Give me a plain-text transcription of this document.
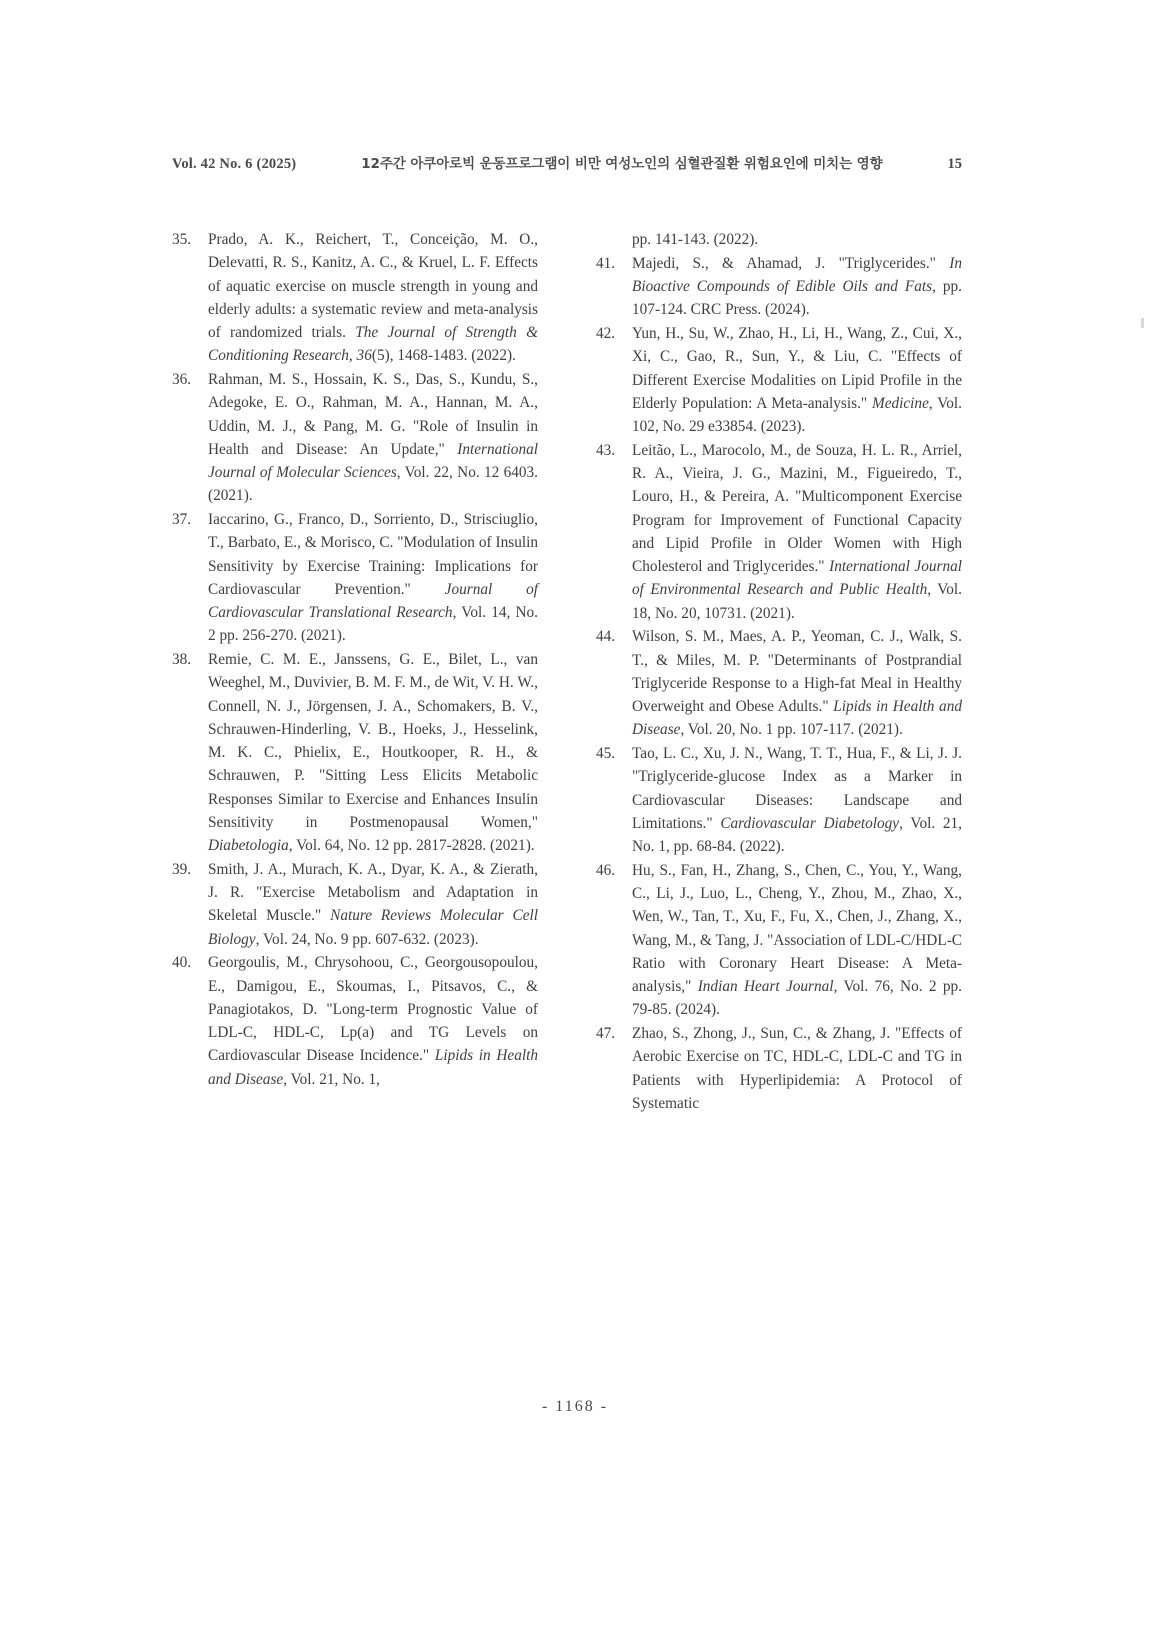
Vol. 42 No. 6 (2025)	12주간 아쿠아로빅 운동프로그램이 비만 여성노인의 심혈관질환 위험요인에 미치는 영향	15
35.	Prado, A. K., Reichert, T., Conceição, M. O., Delevatti, R. S., Kanitz, A. C., & Kruel, L. F. Effects of aquatic exercise on muscle strength in young and elderly adults: a systematic review and meta-analysis of randomized trials. The Journal of Strength & Conditioning Research, 36(5), 1468-1483. (2022).
36.	Rahman, M. S., Hossain, K. S., Das, S., Kundu, S., Adegoke, E. O., Rahman, M. A., Hannan, M. A., Uddin, M. J., & Pang, M. G. "Role of Insulin in Health and Disease: An Update," International Journal of Molecular Sciences, Vol. 22, No. 12 6403. (2021).
37.	Iaccarino, G., Franco, D., Sorriento, D., Strisciuglio, T., Barbato, E., & Morisco, C. "Modulation of Insulin Sensitivity by Exercise Training: Implications for Cardiovascular Prevention." Journal of Cardiovascular Translational Research, Vol. 14, No. 2 pp. 256-270. (2021).
38.	Remie, C. M. E., Janssens, G. E., Bilet, L., van Weeghel, M., Duvivier, B. M. F. M., de Wit, V. H. W., Connell, N. J., Jörgensen, J. A., Schomakers, B. V., Schrauwen-Hinderling, V. B., Hoeks, J., Hesselink, M. K. C., Phielix, E., Houtkooper, R. H., & Schrauwen, P. "Sitting Less Elicits Metabolic Responses Similar to Exercise and Enhances Insulin Sensitivity in Postmenopausal Women," Diabetologia, Vol. 64, No. 12 pp. 2817-2828. (2021).
39.	Smith, J. A., Murach, K. A., Dyar, K. A., & Zierath, J. R. "Exercise Metabolism and Adaptation in Skeletal Muscle." Nature Reviews Molecular Cell Biology, Vol. 24, No. 9 pp. 607-632. (2023).
40.	Georgoulis, M., Chrysohoou, C., Georgousopoulou, E., Damigou, E., Skoumas, I., Pitsavos, C., & Panagiotakos, D. "Long-term Prognostic Value of LDL-C, HDL-C, Lp(a) and TG Levels on Cardiovascular Disease Incidence." Lipids in Health and Disease, Vol. 21, No. 1,
pp. 141-143. (2022).
41.	Majedi, S., & Ahamad, J. "Triglycerides." In Bioactive Compounds of Edible Oils and Fats, pp. 107-124. CRC Press. (2024).
42.	Yun, H., Su, W., Zhao, H., Li, H., Wang, Z., Cui, X., Xi, C., Gao, R., Sun, Y., & Liu, C. "Effects of Different Exercise Modalities on Lipid Profile in the Elderly Population: A Meta-analysis." Medicine, Vol. 102, No. 29 e33854. (2023).
43.	Leitão, L., Marocolo, M., de Souza, H. L. R., Arriel, R. A., Vieira, J. G., Mazini, M., Figueiredo, T., Louro, H., & Pereira, A. "Multicomponent Exercise Program for Improvement of Functional Capacity and Lipid Profile in Older Women with High Cholesterol and Triglycerides." International Journal of Environmental Research and Public Health, Vol. 18, No. 20, 10731. (2021).
44.	Wilson, S. M., Maes, A. P., Yeoman, C. J., Walk, S. T., & Miles, M. P. "Determinants of Postprandial Triglyceride Response to a High-fat Meal in Healthy Overweight and Obese Adults." Lipids in Health and Disease, Vol. 20, No. 1 pp. 107-117. (2021).
45.	Tao, L. C., Xu, J. N., Wang, T. T., Hua, F., & Li, J. J. "Triglyceride-glucose Index as a Marker in Cardiovascular Diseases: Landscape and Limitations." Cardiovascular Diabetology, Vol. 21, No. 1, pp. 68-84. (2022).
46.	Hu, S., Fan, H., Zhang, S., Chen, C., You, Y., Wang, C., Li, J., Luo, L., Cheng, Y., Zhou, M., Zhao, X., Wen, W., Tan, T., Xu, F., Fu, X., Chen, J., Zhang, X., Wang, M., & Tang, J. "Association of LDL-C/HDL-C Ratio with Coronary Heart Disease: A Meta-analysis," Indian Heart Journal, Vol. 76, No. 2 pp. 79-85. (2024).
47.	Zhao, S., Zhong, J., Sun, C., & Zhang, J. "Effects of Aerobic Exercise on TC, HDL-C, LDL-C and TG in Patients with Hyperlipidemia: A Protocol of Systematic
- 1168 -
